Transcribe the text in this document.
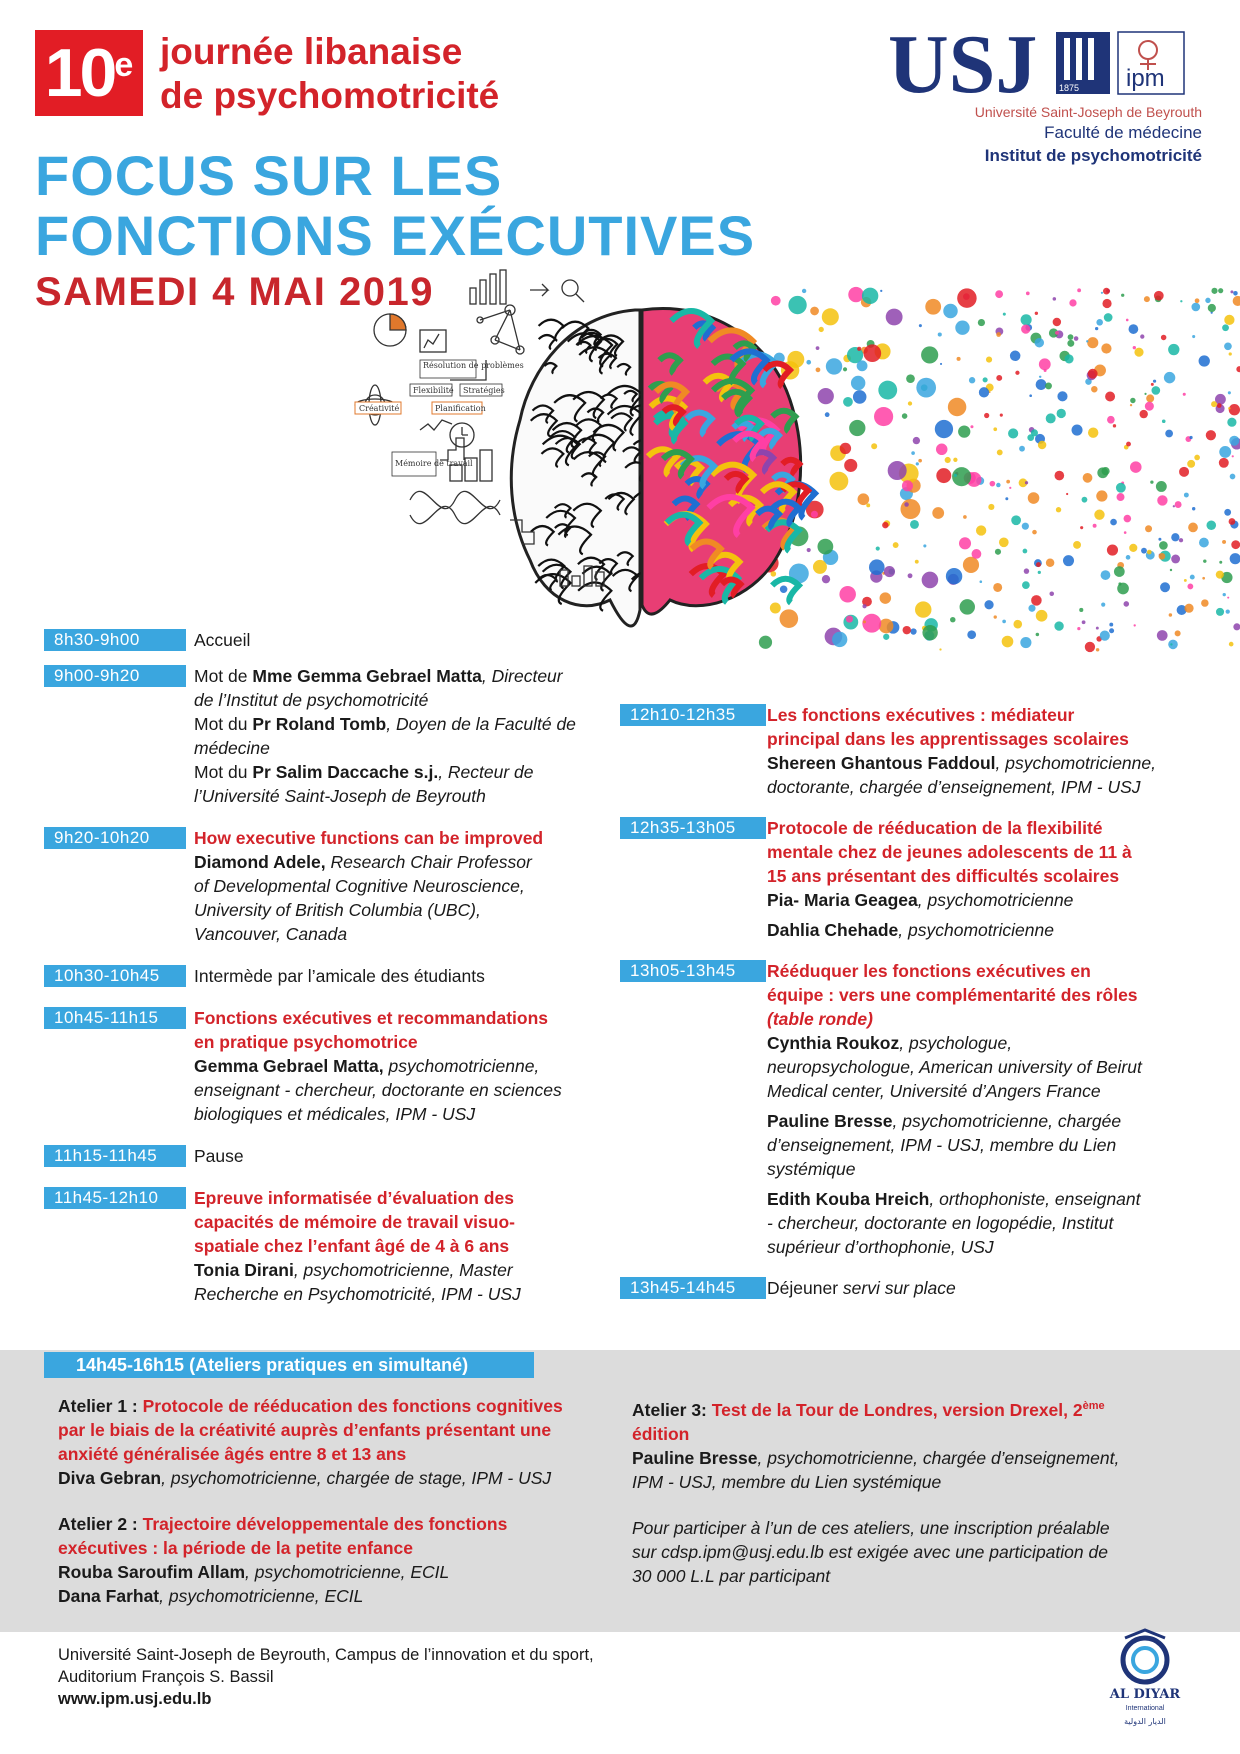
10e journée libanaise
de psychomotricité
FOCUS SUR LES
FONCTIONS EXÉCUTIVES
SAMEDI 4 MAI 2019
USJ 1875 ipm
Université Saint-Joseph de Beyrouth
Faculté de médecine
Institut de psychomotricité
Résolution de problèmes
Flexibilité Stratégies
Créativité	Planification
Mémoire de travail
8h30-9h00	Accueil
9h00-9h20	Mot de Mme Gemma Gebrael Matta, Directeur
de l’Institut de psychomotricité
Mot du Pr Roland Tomb, Doyen de la Faculté de
médecine
Mot du Pr Salim Daccache s.j., Recteur de
l’Université Saint-Joseph de Beyrouth
9h20-10h20	How executive functions can be improved
Diamond Adele, Research Chair Professor
of Developmental Cognitive Neuroscience,
University of British Columbia (UBC),
Vancouver, Canada
10h30-10h45	Intermède par l’amicale des étudiants
10h45-11h15	Fonctions exécutives et recommandations
en pratique psychomotrice
Gemma Gebrael Matta, psychomotricienne,
enseignant - chercheur, doctorante en sciences
biologiques et médicales, IPM - USJ
11h15-11h45	Pause
11h45-12h10	Epreuve informatisée d’évaluation des
capacités de mémoire de travail visuo-
spatiale chez l’enfant âgé de 4 à 6 ans
Tonia Dirani, psychomotricienne, Master
Recherche en Psychomotricité, IPM - USJ
12h10-12h35	Les fonctions exécutives : médiateur
principal dans les apprentissages scolaires
Shereen Ghantous Faddoul, psychomotricienne,
doctorante, chargée d’enseignement, IPM - USJ
12h35-13h05	Protocole de rééducation de la flexibilité
mentale chez de jeunes adolescents de 11 à
15 ans présentant des difficultés scolaires
Pia- Maria Geagea, psychomotricienne
Dahlia Chehade, psychomotricienne
13h05-13h45	Rééduquer les fonctions exécutives en
équipe : vers une complémentarité des rôles
(table ronde)
Cynthia Roukoz, psychologue,
neuropsychologue, American university of Beirut
Medical center, Université d’Angers France
Pauline Bresse, psychomotricienne, chargée
d’enseignement, IPM - USJ, membre du Lien
systémique
Edith Kouba Hreich, orthophoniste, enseignant
- chercheur, doctorante en logopédie, Institut
supérieur d’orthophonie, USJ
13h45-14h45	Déjeuner servi sur place
14h45-16h15 (Ateliers pratiques en simultané)
Atelier 1 : Protocole de rééducation des fonctions cognitives
par le biais de la créativité auprès d’enfants présentant une
anxiété généralisée âgés entre 8 et 13 ans
Diva Gebran, psychomotricienne, chargée de stage, IPM - USJ
Atelier 2 : Trajectoire développementale des fonctions
exécutives : la période de la petite enfance
Rouba Saroufim Allam, psychomotricienne, ECIL
Dana Farhat, psychomotricienne, ECIL
Atelier 3: Test de la Tour de Londres, version Drexel, 2ème
édition
Pauline Bresse, psychomotricienne, chargée d’enseignement,
IPM - USJ, membre du Lien systémique
Pour participer à l’un de ces ateliers, une inscription préalable
sur cdsp.ipm@usj.edu.lb est exigée avec une participation de
30 000 L.L par participant
Université Saint-Joseph de Beyrouth, Campus de l’innovation et du sport,
Auditorium François S. Bassil
www.ipm.usj.edu.lb	AL DIYAR
International
الديار الدولية
